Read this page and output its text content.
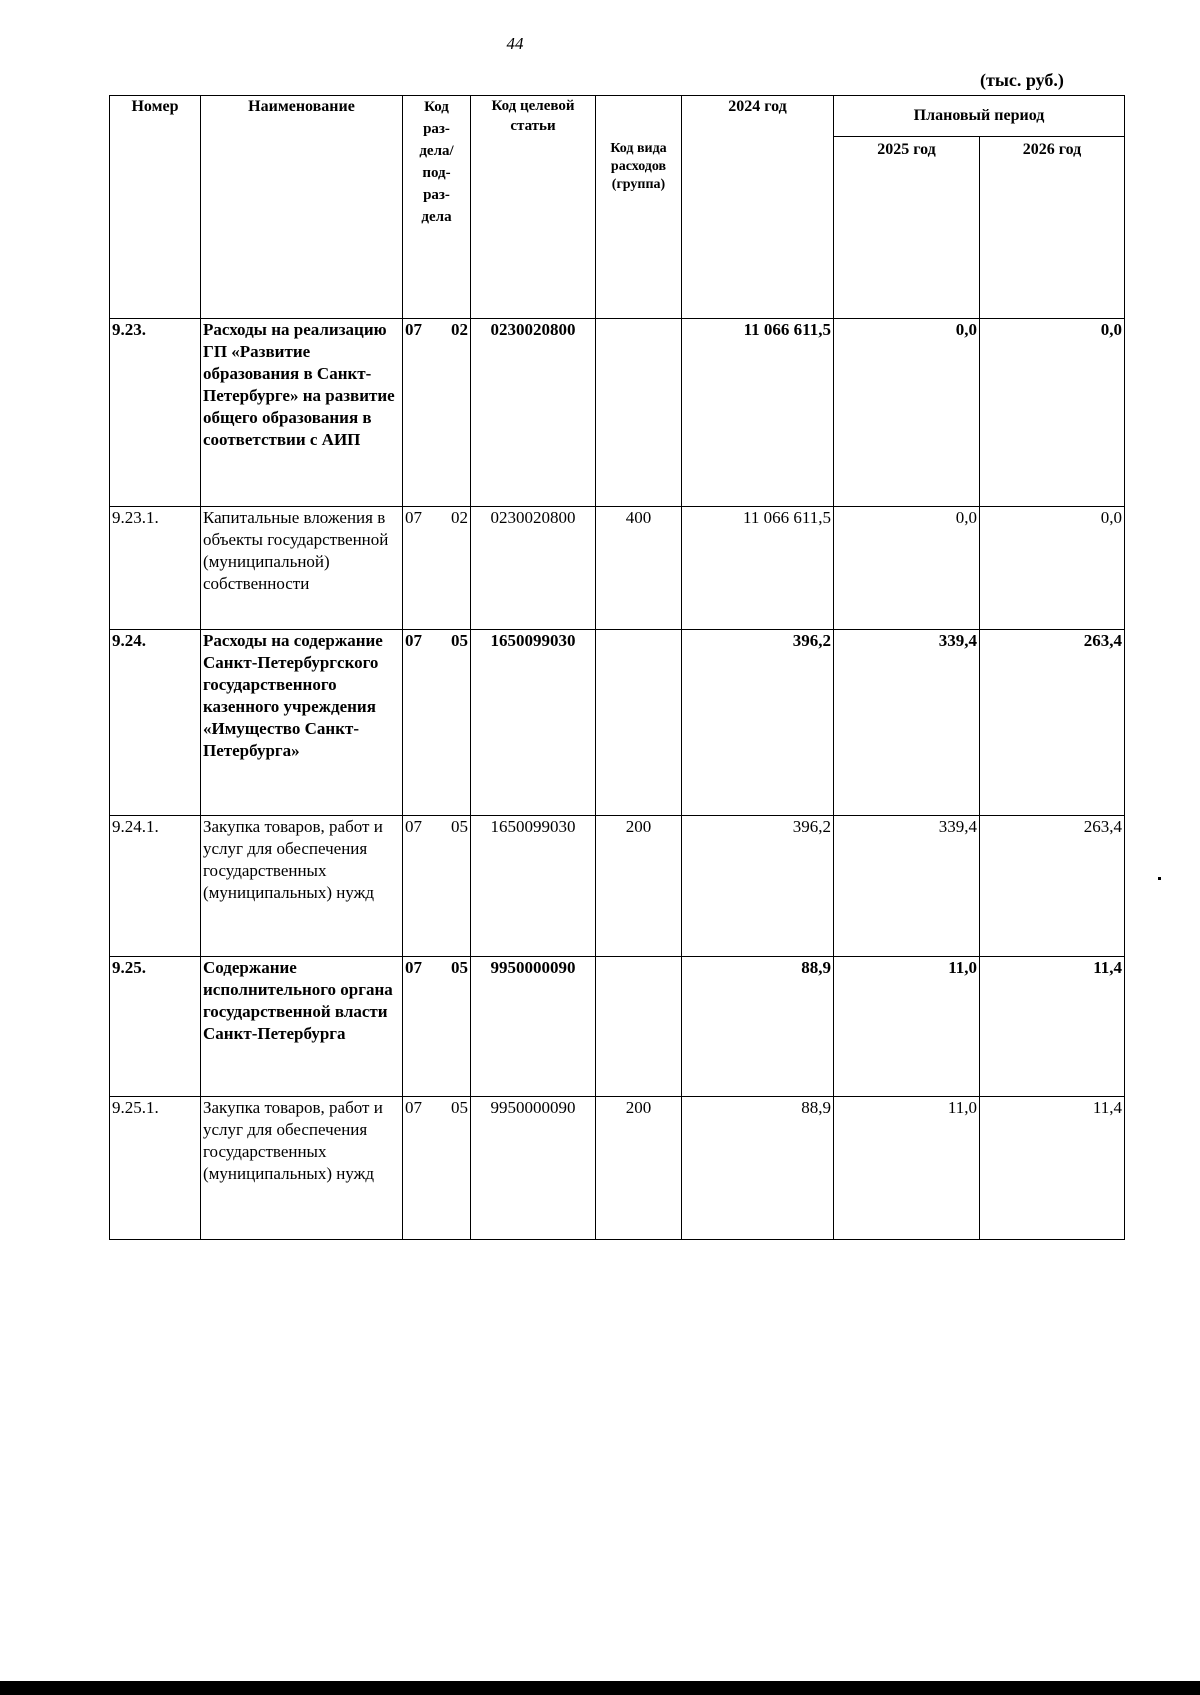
44
(тыс. руб.)
Номер	Наименование	Код раз-дела/ под-раз-дела	Код целевой статьи	Код вида расходов (группа)	2024 год	Плановый период	
						2025 год	2026 год
9.23.	Расходы на реализацию ГП «Развитие образования в Санкт-Петербурге» на развитие общего образования в соответствии с АИП	07 02	0230020800		11 066 611,5	0,0	0,0
9.23.1.	Капитальные вложения в объекты государственной (муниципальной) собственности	07 02	0230020800	400	11 066 611,5	0,0	0,0
9.24.	Расходы на содержание Санкт-Петербургского государственного казенного учреждения «Имущество Санкт-Петербурга»	07 05	1650099030		396,2	339,4	263,4
9.24.1.	Закупка товаров, работ и услуг для обеспечения государственных (муниципальных) нужд	07 05	1650099030	200	396,2	339,4	263,4
9.25.	Содержание исполнительного органа государственной власти Санкт-Петербурга	07 05	9950000090		88,9	11,0	11,4
9.25.1.	Закупка товаров, работ и услуг для обеспечения государственных (муниципальных) нужд	07 05	9950000090	200	88,9	11,0	11,4
